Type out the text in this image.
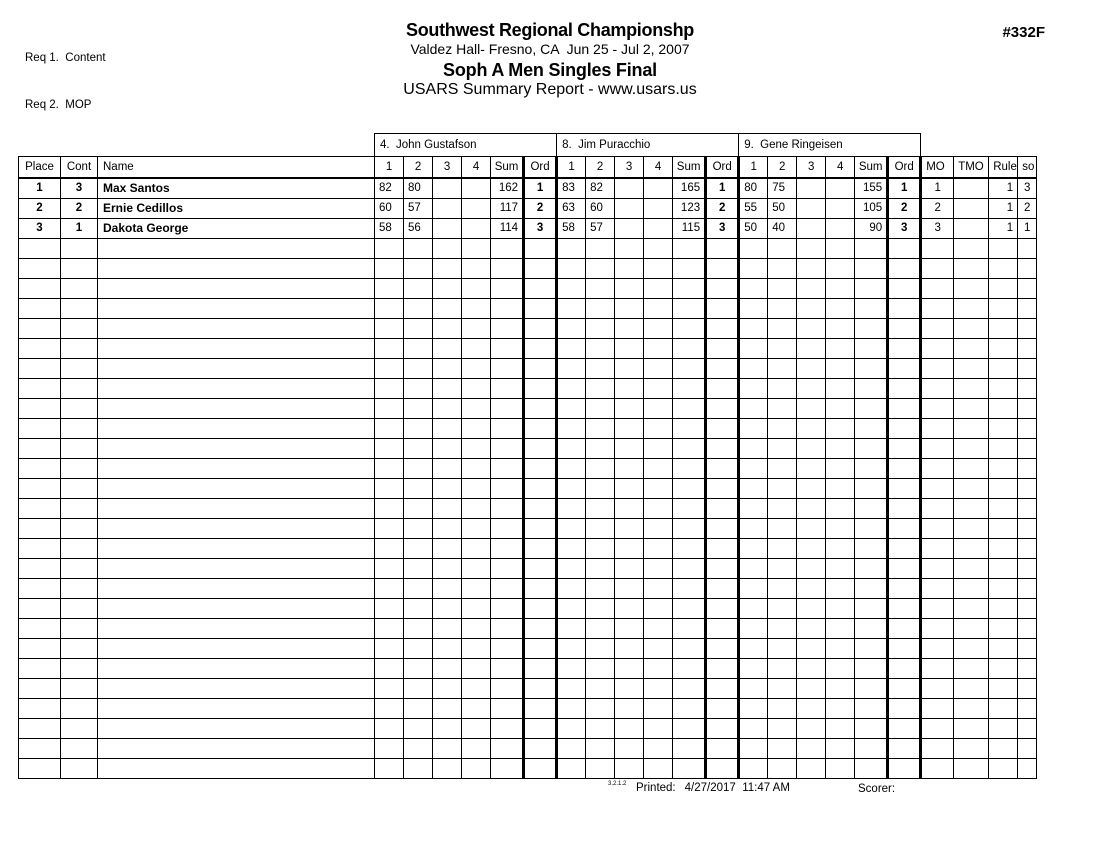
Req 1.  Content

Req 2.  MOP

Southwest Regional Championshp
Valdez Hall- Fresno, CA  Jun 25 - Jul 2, 2007
Soph A Men Singles Final
USARS Summary Report - www.usars.us
#332F
			4.  John Gustafson						8.  Jim Puracchio						9.  Gene Ringeisen									
Place	Cont	Name	1	2	3	4	Sum	Ord	1	2	3	4	Sum	Ord	1	2	3	4	Sum	Ord	MO	TMO	Rule	so
1	3	Max Santos	82	80			162	1	83	82			165	1	80	75			155	1	1		1	3
2	2	Ernie Cedillos	60	57			117	2	63	60			123	2	55	50			105	2	2		1	2
3	1	Dakota George	58	56			114	3	58	57			115	3	50	40			90	3	3		1	1

3.2.1.2 Printed: 4/27/2017  11:47 AM	Scorer:
